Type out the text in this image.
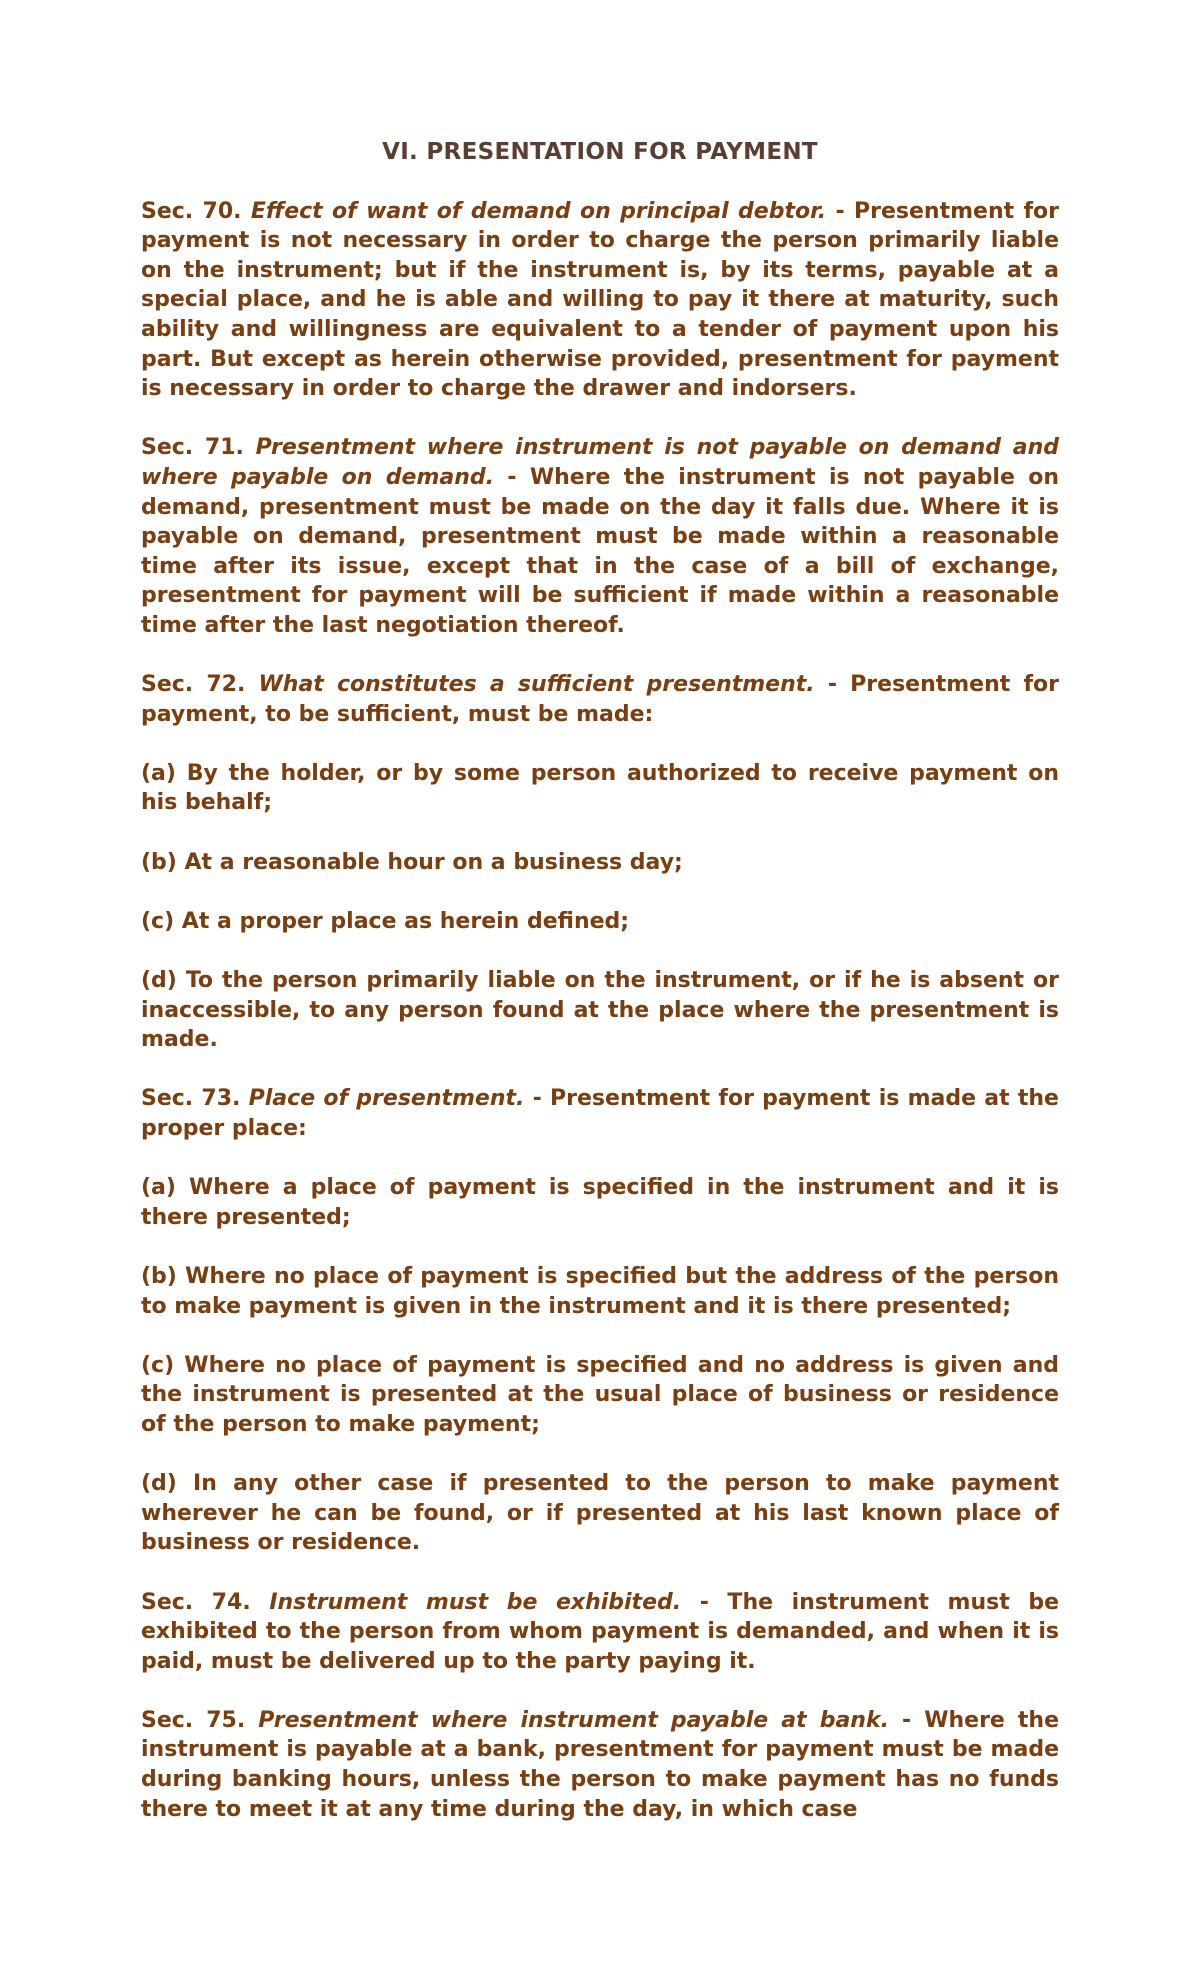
VI. PRESENTATION FOR PAYMENT
Sec. 70. Effect of want of demand on principal debtor. - Presentment for payment is not necessary in order to charge the person primarily liable on the instrument; but if the instrument is, by its terms, payable at a special place, and he is able and willing to pay it there at maturity, such ability and willingness are equivalent to a tender of payment upon his part. But except as herein otherwise provided, presentment for payment is necessary in order to charge the drawer and indorsers.
Sec. 71. Presentment where instrument is not payable on demand and where payable on demand. - Where the instrument is not payable on demand, presentment must be made on the day it falls due. Where it is payable on demand, presentment must be made within a reasonable time after its issue, except that in the case of a bill of exchange, presentment for payment will be sufficient if made within a reasonable time after the last negotiation thereof.
Sec. 72. What constitutes a sufficient presentment. - Presentment for payment, to be sufficient, must be made:
(a) By the holder, or by some person authorized to receive payment on his behalf;
(b) At a reasonable hour on a business day;
(c) At a proper place as herein defined;
(d) To the person primarily liable on the instrument, or if he is absent or inaccessible, to any person found at the place where the presentment is made.
Sec. 73. Place of presentment. - Presentment for payment is made at the proper place:
(a) Where a place of payment is specified in the instrument and it is there presented;
(b) Where no place of payment is specified but the address of the person to make payment is given in the instrument and it is there presented;
(c) Where no place of payment is specified and no address is given and the instrument is presented at the usual place of business or residence of the person to make payment;
(d) In any other case if presented to the person to make payment wherever he can be found, or if presented at his last known place of business or residence.
Sec. 74. Instrument must be exhibited. - The instrument must be exhibited to the person from whom payment is demanded, and when it is paid, must be delivered up to the party paying it.
Sec. 75. Presentment where instrument payable at bank. - Where the instrument is payable at a bank, presentment for payment must be made during banking hours, unless the person to make payment has no funds there to meet it at any time during the day, in which case
